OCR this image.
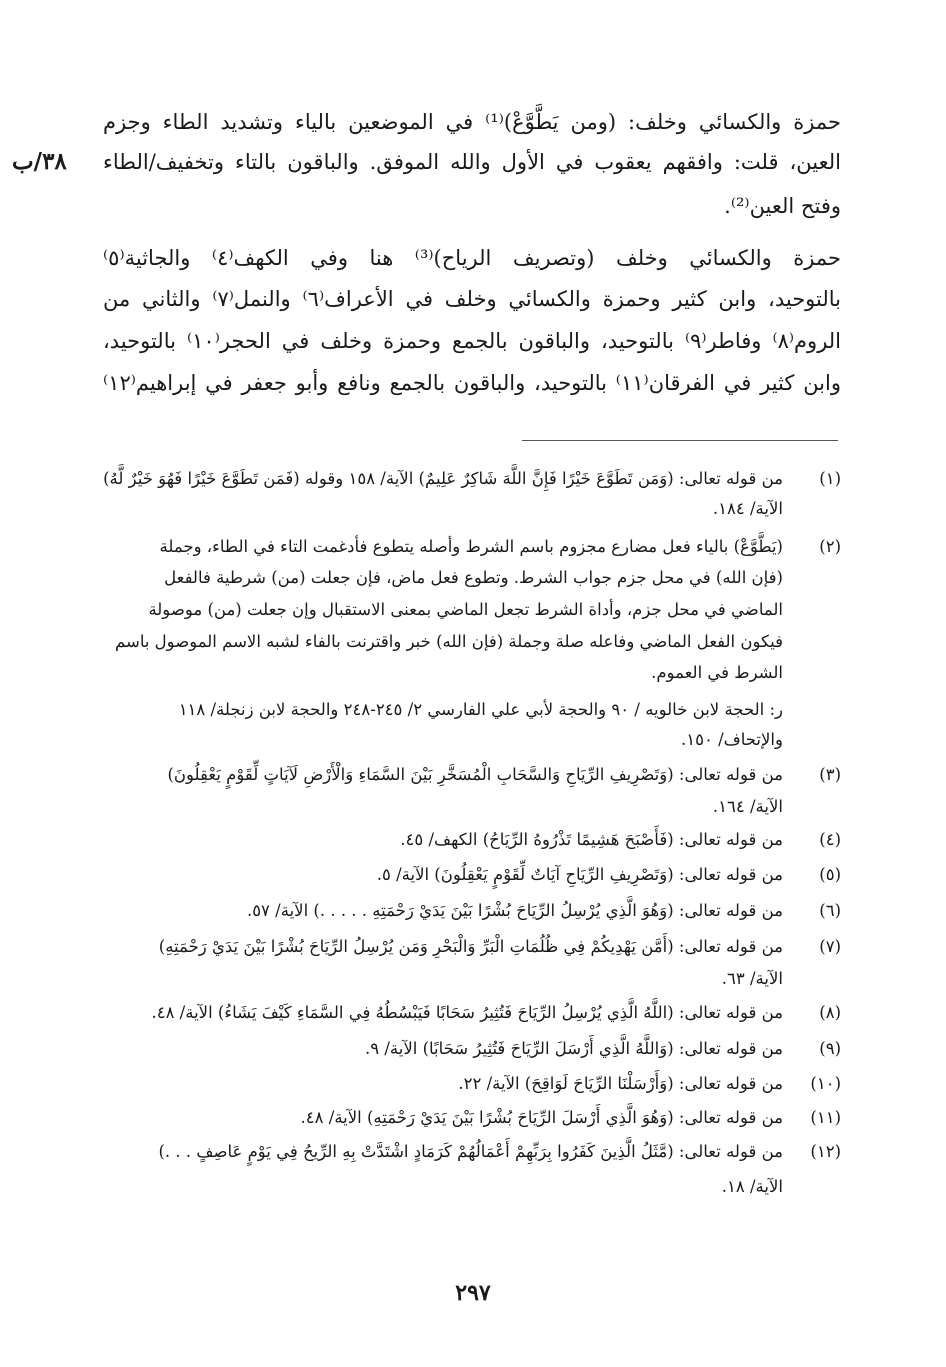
٣٨/ب
حمزة والكسائي وخلف: (ومن يَطَّوَّعْ)⁽¹⁾ في الموضعين بالياء وتشديد الطاء وجزم
العين، قلت: وافقهم يعقوب في الأول والله الموفق. والباقون بالتاء وتخفيف/الطاء
وفتح العين⁽²⁾.
حمزة والكسائي وخلف (وتصريف الرياح)⁽³⁾ هنا وفي الكهف⁽٤⁾ والجاثية⁽٥⁾
بالتوحيد، وابن كثير وحمزة والكسائي وخلف في الأعراف⁽٦⁾ والنمل⁽٧⁾ والثاني من
الروم⁽٨⁾ وفاطر⁽٩⁾ بالتوحيد، والباقون بالجمع وحمزة وخلف في الحجر⁽١٠⁾ بالتوحيد،
وابن كثير في الفرقان⁽١١⁾ بالتوحيد، والباقون بالجمع ونافع وأبو جعفر في إبراهيم⁽١٢⁾
(١)من قوله تعالى: (وَمَن تَطَوَّعَ خَيْرًا فَإِنَّ اللَّهَ شَاكِرٌ عَلِيمٌ) الآية/ ١٥٨ وقوله (فَمَن تَطَوَّعَ خَيْرًا فَهُوَ خَيْرٌ لَّهُ)
الآية/ ١٨٤.
(٢)(يَطَّوَّعْ) بالياء فعل مضارع مجزوم باسم الشرط وأصله يتطوع فأدغمت التاء في الطاء، وجملة
(فإن الله) في محل جزم جواب الشرط. وتطوع فعل ماض، فإن جعلت (من) شرطية فالفعل
الماضي في محل جزم، وأداة الشرط تجعل الماضي بمعنى الاستقبال وإن جعلت (من) موصولة
فيكون الفعل الماضي وفاعله صلة وجملة (فإن الله) خبر واقترنت بالفاء لشبه الاسم الموصول باسم
الشرط في العموم.
ر: الحجة لابن خالويه / ٩٠ والحجة لأبي علي الفارسي ٢/ ٢٤٥-٢٤٨ والحجة لابن زنجلة/ ١١٨
والإتحاف/ ١٥٠.
(٣)من قوله تعالى: (وَتَصْرِيفِ الرِّيَاحِ وَالسَّحَابِ الْمُسَخَّرِ بَيْنَ السَّمَاءِ وَالْأَرْضِ لَآيَاتٍ لِّقَوْمٍ يَعْقِلُونَ)
الآية/ ١٦٤.
(٤)من قوله تعالى: (فَأَصْبَحَ هَشِيمًا تَذْرُوهُ الرِّيَاحُ) الكهف/ ٤٥.
(٥)من قوله تعالى: (وَتَصْرِيفِ الرِّيَاحِ آيَاتٌ لِّقَوْمٍ يَعْقِلُونَ) الآية/ ٥.
(٦)من قوله تعالى: (وَهُوَ الَّذِي يُرْسِلُ الرِّيَاحَ بُشْرًا بَيْنَ يَدَيْ رَحْمَتِهِ . . . . .) الآية/ ٥٧.
(٧)من قوله تعالى: (أَمَّن يَهْدِيكُمْ فِي ظُلُمَاتِ الْبَرِّ وَالْبَحْرِ وَمَن يُرْسِلُ الرِّيَاحَ بُشْرًا بَيْنَ يَدَيْ رَحْمَتِهِ)
الآية/ ٦٣.
(٨)من قوله تعالى: (اللَّهُ الَّذِي يُرْسِلُ الرِّيَاحَ فَتُثِيرُ سَحَابًا فَيَبْسُطُهُ فِي السَّمَاءِ كَيْفَ يَشَاءُ) الآية/ ٤٨.
(٩)من قوله تعالى: (وَاللَّهُ الَّذِي أَرْسَلَ الرِّيَاحَ فَتُثِيرُ سَحَابًا) الآية/ ٩.
(١٠)من قوله تعالى: (وَأَرْسَلْنَا الرِّيَاحَ لَوَاقِحَ) الآية/ ٢٢.
(١١)من قوله تعالى: (وَهُوَ الَّذِي أَرْسَلَ الرِّيَاحَ بُشْرًا بَيْنَ يَدَيْ رَحْمَتِهِ) الآية/ ٤٨.
(١٢)من قوله تعالى: (مَّثَلُ الَّذِينَ كَفَرُوا بِرَبِّهِمْ أَعْمَالُهُمْ كَرَمَادٍ اشْتَدَّتْ بِهِ الرِّيحُ فِي يَوْمٍ عَاصِفٍ . . .)
الآية/ ١٨.
٢٩٧
